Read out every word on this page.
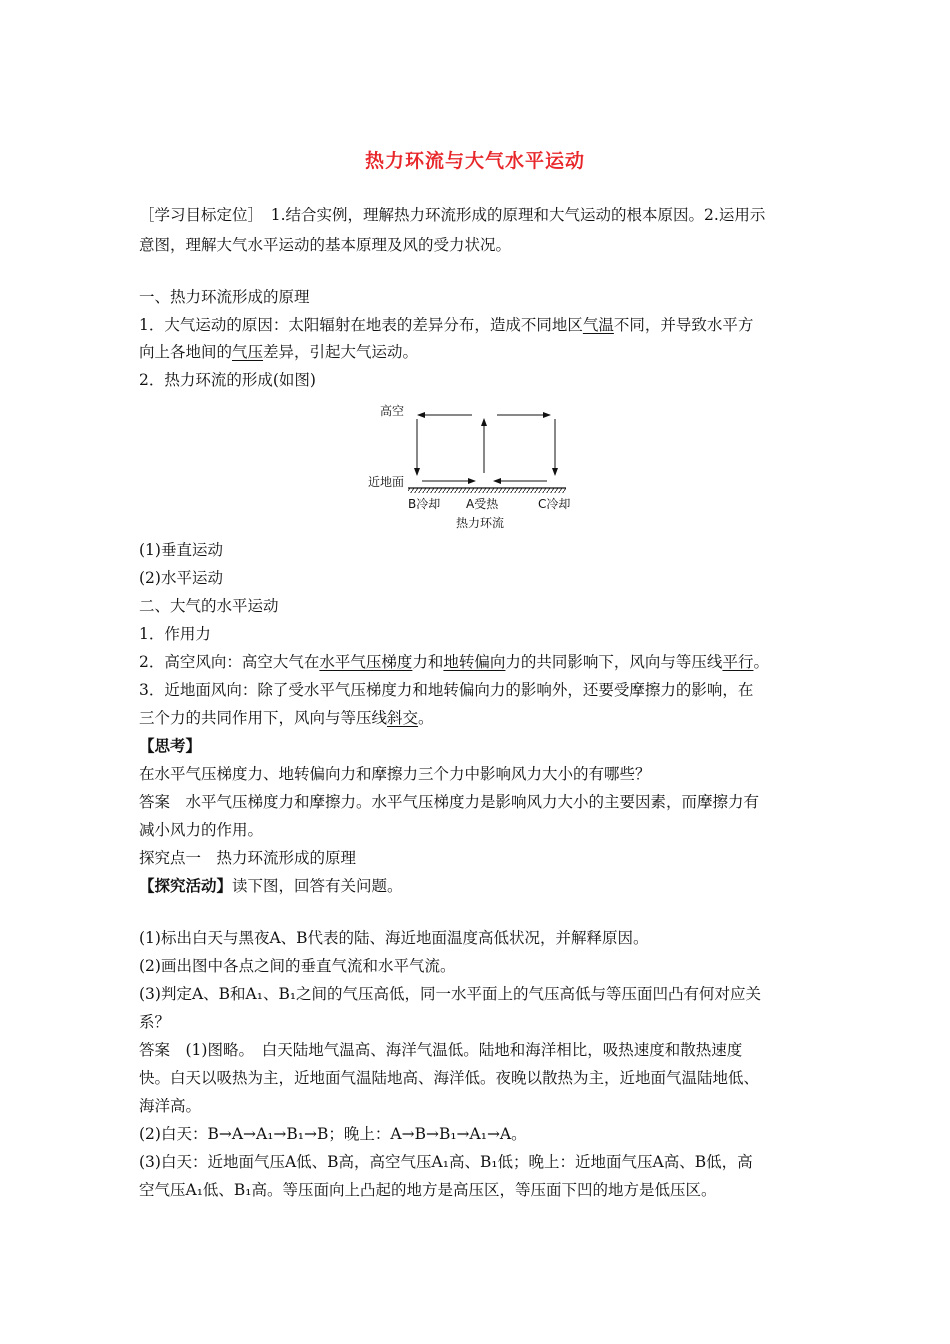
热力环流与大气水平运动
［学习目标定位］　1.结合实例，理解热力环流形成的原理和大气运动的根本原因。2.运用示
意图，理解大气水平运动的基本原理及风的受力状况。
一、热力环流形成的原理
1．大气运动的原因：太阳辐射在地表的差异分布，造成不同地区气温不同，并导致水平方
向上各地间的气压差异，引起大气运动。
2．热力环流的形成(如图)
高空
近地面
B冷却 A受热	C冷却
热力环流
(1)垂直运动
(2)水平运动
二、大气的水平运动
1．作用力
2．高空风向：高空大气在水平气压梯度力和地转偏向力的共同影响下，风向与等压线平行。
3．近地面风向：除了受水平气压梯度力和地转偏向力的影响外，还要受摩擦力的影响，在
三个力的共同作用下，风向与等压线斜交。
【思考】
在水平气压梯度力、地转偏向力和摩擦力三个力中影响风力大小的有哪些？
答案　水平气压梯度力和摩擦力。水平气压梯度力是影响风力大小的主要因素，而摩擦力有
减小风力的作用。
探究点一　热力环流形成的原理
【探究活动】读下图，回答有关问题。
(1)标出白天与黑夜A、B代表的陆、海近地面温度高低状况，并解释原因。
(2)画出图中各点之间的垂直气流和水平气流。
(3)判定A、B和A₁、B₁之间的气压高低，同一水平面上的气压高低与等压面凹凸有何对应关
系？
答案　(1)图略。　白天陆地气温高、海洋气温低。陆地和海洋相比，吸热速度和散热速度
快。白天以吸热为主，近地面气温陆地高、海洋低。夜晚以散热为主，近地面气温陆地低、
海洋高。
(2)白天：B→A→A₁→B₁→B；晚上：A→B→B₁→A₁→A。
(3)白天：近地面气压A低、B高，高空气压A₁高、B₁低；晚上：近地面气压A高、B低，高
空气压A₁低、B₁高。等压面向上凸起的地方是高压区，等压面下凹的地方是低压区。
